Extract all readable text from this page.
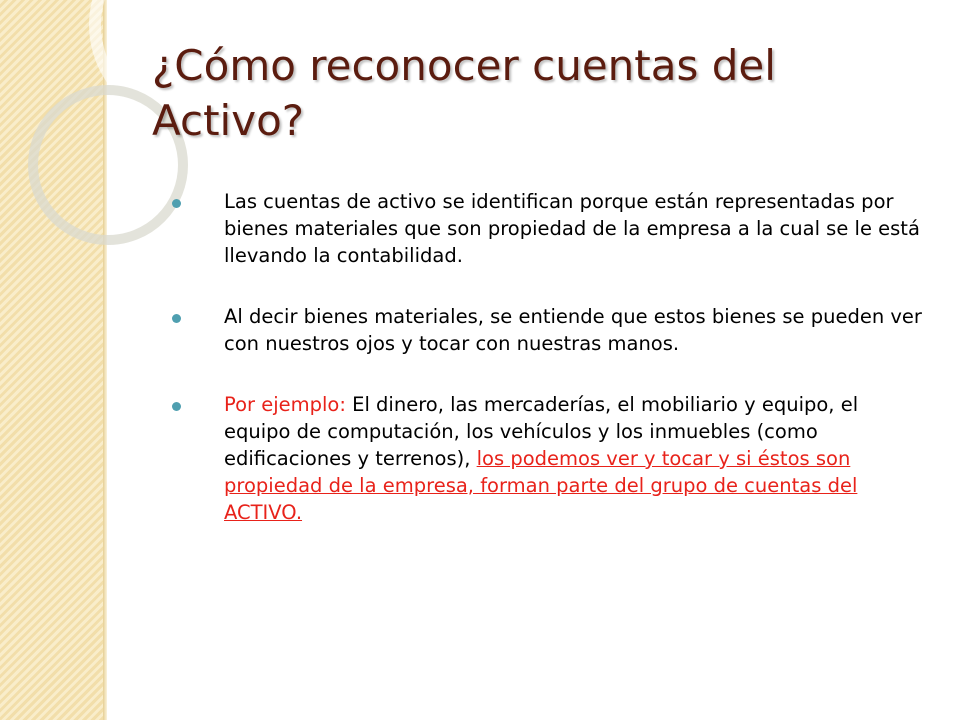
¿Cómo reconocer cuentas del
Activo?
Las cuentas de activo se identifican porque están representadas por bienes materiales que son propiedad de la empresa a la cual se le está llevando la contabilidad.
Al decir bienes materiales, se entiende que estos bienes se pueden ver con nuestros ojos y tocar con nuestras manos.
Por ejemplo: El dinero, las mercaderías, el mobiliario y equipo, el equipo de computación, los vehículos y los inmuebles (como edificaciones y terrenos), los podemos ver y tocar y si éstos son propiedad de la empresa, forman parte del grupo de cuentas del ACTIVO.
